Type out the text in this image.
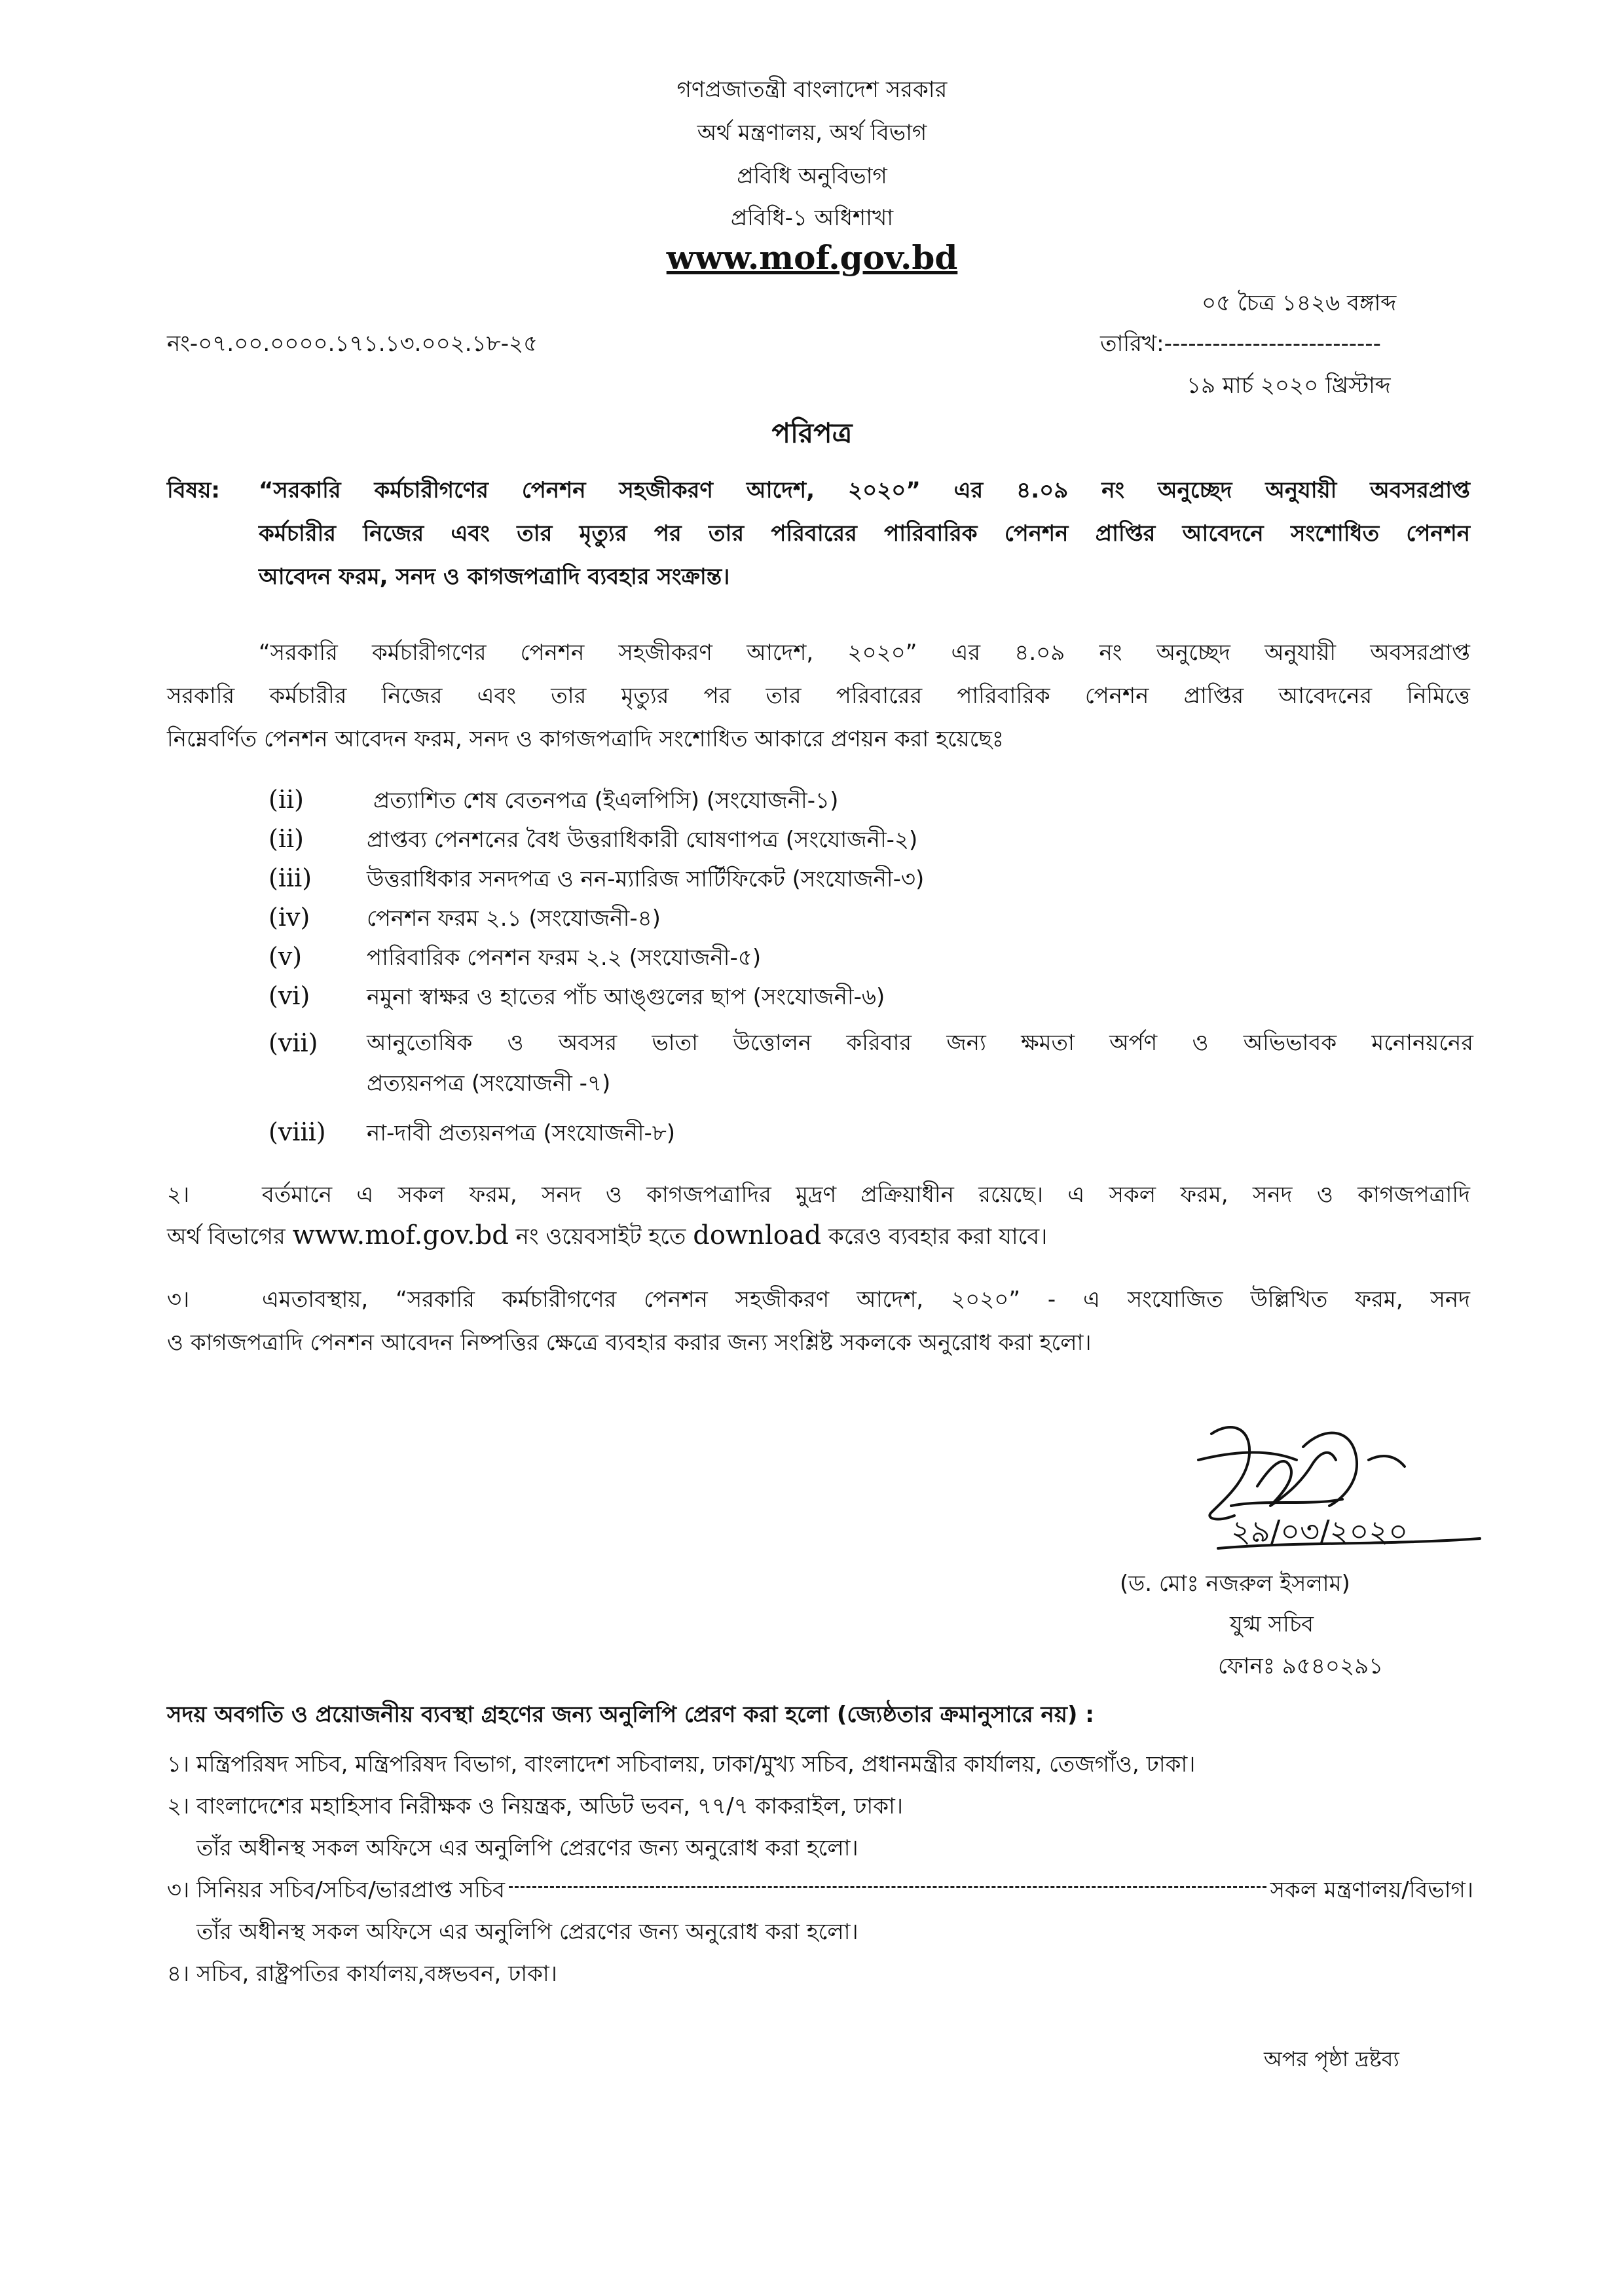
গণপ্রজাতন্ত্রী বাংলাদেশ সরকার
অর্থ মন্ত্রণালয়, অর্থ বিভাগ
প্রবিধি অনুবিভাগ
প্রবিধি-১ অধিশাখা
www.mof.gov.bd
০৫ চৈত্র ১৪২৬ বঙ্গাব্দ
নং-০৭.০০.০০০০.১৭১.১৩.০০২.১৮-২৫	তারিখ:---------------------------
১৯ মার্চ ২০২০ খ্রিস্টাব্দ
পরিপত্র
বিষয়: “সরকারি কর্মচারীগণের পেনশন সহজীকরণ আদেশ, ২০২০” এর ৪.০৯ নং অনুচ্ছেদ অনুযায়ী অবসরপ্রাপ্ত
কর্মচারীর নিজের এবং তার মৃত্যুর পর তার পরিবারের পারিবারিক পেনশন প্রাপ্তির আবেদনে সংশোধিত পেনশন
আবেদন ফরম, সনদ ও কাগজপত্রাদি ব্যবহার সংক্রান্ত।
“সরকারি কর্মচারীগণের পেনশন সহজীকরণ আদেশ, ২০২০” এর ৪.০৯ নং অনুচ্ছেদ অনুযায়ী অবসরপ্রাপ্ত
সরকারি কর্মচারীর নিজের এবং তার মৃত্যুর পর তার পরিবারের পারিবারিক পেনশন প্রাপ্তির আবেদনের নিমিত্তে
নিম্নেবর্ণিত পেনশন আবেদন ফরম, সনদ ও কাগজপত্রাদি সংশোধিত আকারে প্রণয়ন করা হয়েছেঃ
(ii)	প্রত্যাশিত শেষ বেতনপত্র (ইএলপিসি) (সংযোজনী-১)
(ii)	প্রাপ্তব্য পেনশনের বৈধ উত্তরাধিকারী ঘোষণাপত্র (সংযোজনী-২)
(iii) উত্তরাধিকার সনদপত্র ও নন-ম্যারিজ সার্টিফিকেট (সংযোজনী-৩)
(iv)	পেনশন ফরম ২.১ (সংযোজনী-৪)
(v)	পারিবারিক পেনশন ফরম ২.২ (সংযোজনী-৫)
(vi)	নমুনা স্বাক্ষর ও হাতের পাঁচ আঙ্গুলের ছাপ (সংযোজনী-৬)
(vii) আনুতোষিক ও অবসর ভাতা উত্তোলন করিবার জন্য ক্ষমতা অর্পণ ও অভিভাবক মনোনয়নের
প্রত্যয়নপত্র (সংযোজনী -৭)
(viii) না-দাবী প্রত্যয়নপত্র (সংযোজনী-৮)
২।	বর্তমানে এ সকল ফরম, সনদ ও কাগজপত্রাদির মুদ্রণ প্রক্রিয়াধীন রয়েছে। এ সকল ফরম, সনদ ও কাগজপত্রাদি
অর্থ বিভাগের www.mof.gov.bd নং ওয়েবসাইট হতে download করেও ব্যবহার করা যাবে।
৩।	এমতাবস্থায়, “সরকারি কর্মচারীগণের পেনশন সহজীকরণ আদেশ, ২০২০” - এ সংযোজিত উল্লিখিত ফরম, সনদ
ও কাগজপত্রাদি পেনশন আবেদন নিষ্পত্তির ক্ষেত্রে ব্যবহার করার জন্য সংশ্লিষ্ট সকলকে অনুরোধ করা হলো।
২৯/০৩/২০২০
(ড. মোঃ নজরুল ইসলাম)
যুগ্ম সচিব
ফোনঃ ৯৫৪০২৯১
সদয় অবগতি ও প্রয়োজনীয় ব্যবস্থা গ্রহণের জন্য অনুলিপি প্রেরণ করা হলো (জ্যেষ্ঠতার ক্রমানুসারে নয়) :
১। মন্ত্রিপরিষদ সচিব, মন্ত্রিপরিষদ বিভাগ, বাংলাদেশ সচিবালয়, ঢাকা/মুখ্য সচিব, প্রধানমন্ত্রীর কার্যালয়, তেজগাঁও, ঢাকা।
২। বাংলাদেশের মহাহিসাব নিরীক্ষক ও নিয়ন্ত্রক, অডিট ভবন, ৭৭/৭ কাকরাইল, ঢাকা।
তাঁর অধীনস্থ সকল অফিসে এর অনুলিপি প্রেরণের জন্য অনুরোধ করা হলো।
৩। সিনিয়র সচিব/সচিব/ভারপ্রাপ্ত সচিব	সকল মন্ত্রণালয়/বিভাগ।
তাঁর অধীনস্থ সকল অফিসে এর অনুলিপি প্রেরণের জন্য অনুরোধ করা হলো।
৪। সচিব, রাষ্ট্রপতির কার্যালয়,বঙ্গভবন, ঢাকা।
অপর পৃষ্ঠা দ্রষ্টব্য
